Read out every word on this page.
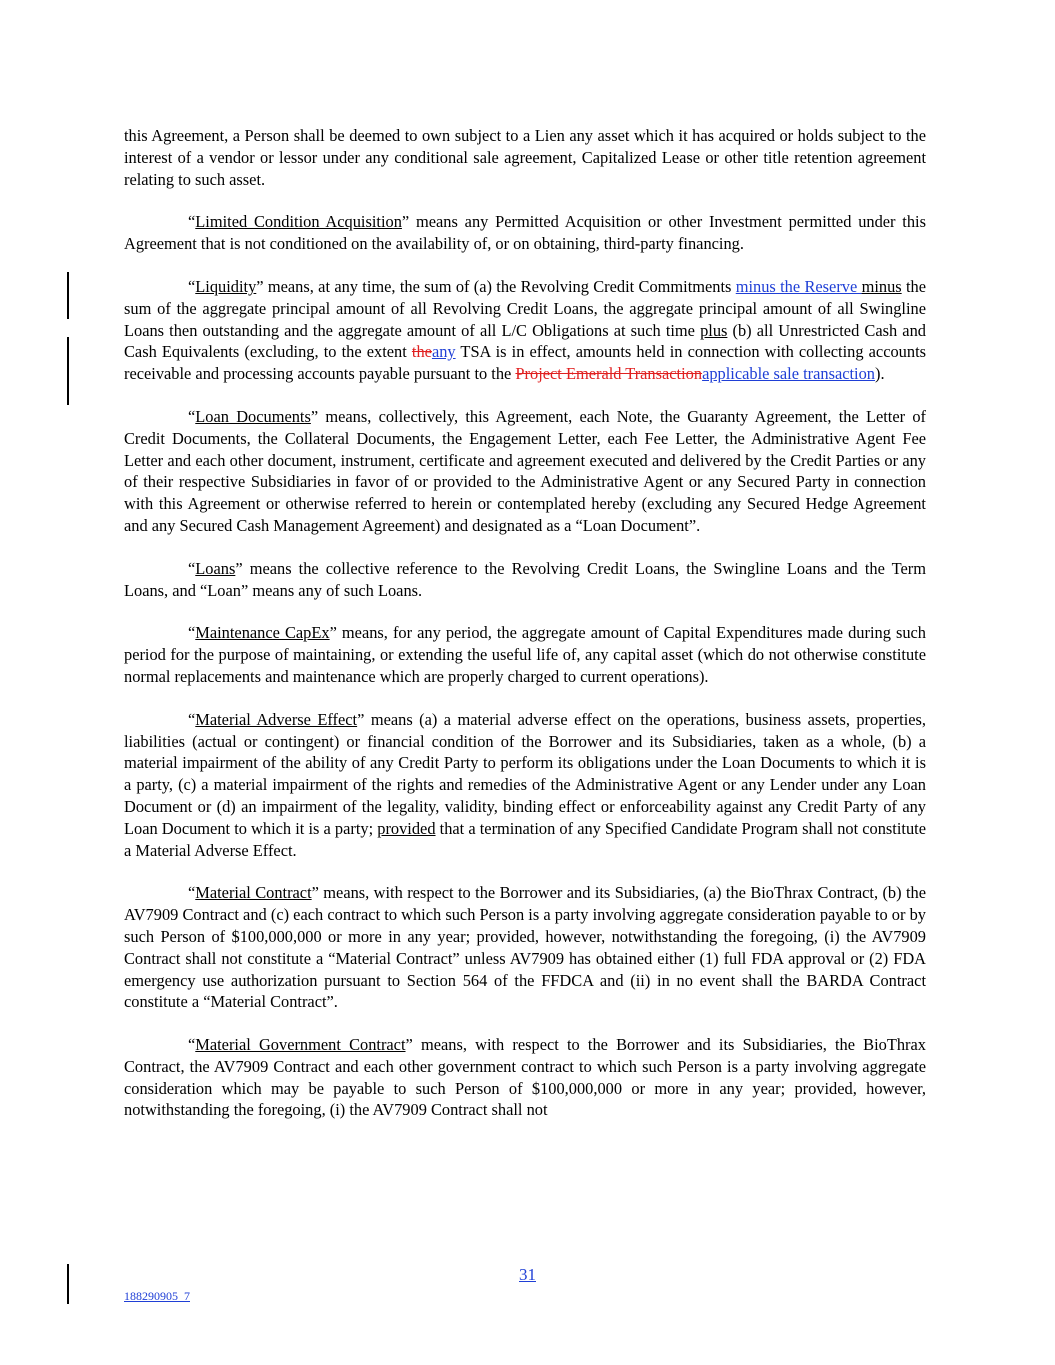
this Agreement, a Person shall be deemed to own subject to a Lien any asset which it has acquired or holds subject to the interest of a vendor or lessor under any conditional sale agreement, Capitalized Lease or other title retention agreement relating to such asset.

“Limited Condition Acquisition” means any Permitted Acquisition or other Investment permitted under this Agreement that is not conditioned on the availability of, or on obtaining, third-party financing.

“Liquidity” means, at any time, the sum of (a) the Revolving Credit Commitments minus the Reserve minus the sum of the aggregate principal amount of all Revolving Credit Loans, the aggregate principal amount of all Swingline Loans then outstanding and the aggregate amount of all L/C Obligations at such time plus (b) all Unrestricted Cash and Cash Equivalents (excluding, to the extent theany TSA is in effect, amounts held in connection with collecting accounts receivable and processing accounts payable pursuant to the Project Emerald Transactionapplicable sale transaction).

“Loan Documents” means, collectively, this Agreement, each Note, the Guaranty Agreement, the Letter of Credit Documents, the Collateral Documents, the Engagement Letter, each Fee Letter, the Administrative Agent Fee Letter and each other document, instrument, certificate and agreement executed and delivered by the Credit Parties or any of their respective Subsidiaries in favor of or provided to the Administrative Agent or any Secured Party in connection with this Agreement or otherwise referred to herein or contemplated hereby (excluding any Secured Hedge Agreement and any Secured Cash Management Agreement) and designated as a “Loan Document”.

“Loans” means the collective reference to the Revolving Credit Loans, the Swingline Loans and the Term Loans, and “Loan” means any of such Loans.

“Maintenance CapEx” means, for any period, the aggregate amount of Capital Expenditures made during such period for the purpose of maintaining, or extending the useful life of, any capital asset (which do not otherwise constitute normal replacements and maintenance which are properly charged to current operations).

“Material Adverse Effect” means (a) a material adverse effect on the operations, business assets, properties, liabilities (actual or contingent) or financial condition of the Borrower and its Subsidiaries, taken as a whole, (b) a material impairment of the ability of any Credit Party to perform its obligations under the Loan Documents to which it is a party, (c) a material impairment of the rights and remedies of the Administrative Agent or any Lender under any Loan Document or (d) an impairment of the legality, validity, binding effect or enforceability against any Credit Party of any Loan Document to which it is a party; provided that a termination of any Specified Candidate Program shall not constitute a Material Adverse Effect.

“Material Contract” means, with respect to the Borrower and its Subsidiaries, (a) the BioThrax Contract, (b) the AV7909 Contract and (c) each contract to which such Person is a party involving aggregate consideration payable to or by such Person of $100,000,000 or more in any year; provided, however, notwithstanding the foregoing, (i) the AV7909 Contract shall not constitute a “Material Contract” unless AV7909 has obtained either (1) full FDA approval or (2) FDA emergency use authorization pursuant to Section 564 of the FFDCA and (ii) in no event shall the BARDA Contract constitute a “Material Contract”.

“Material Government Contract” means, with respect to the Borrower and its Subsidiaries, the BioThrax Contract, the AV7909 Contract and each other government contract to which such Person is a party involving aggregate consideration which may be payable to such Person of $100,000,000 or more in any year; provided, however, notwithstanding the foregoing, (i) the AV7909 Contract shall not

31
188290905_7
